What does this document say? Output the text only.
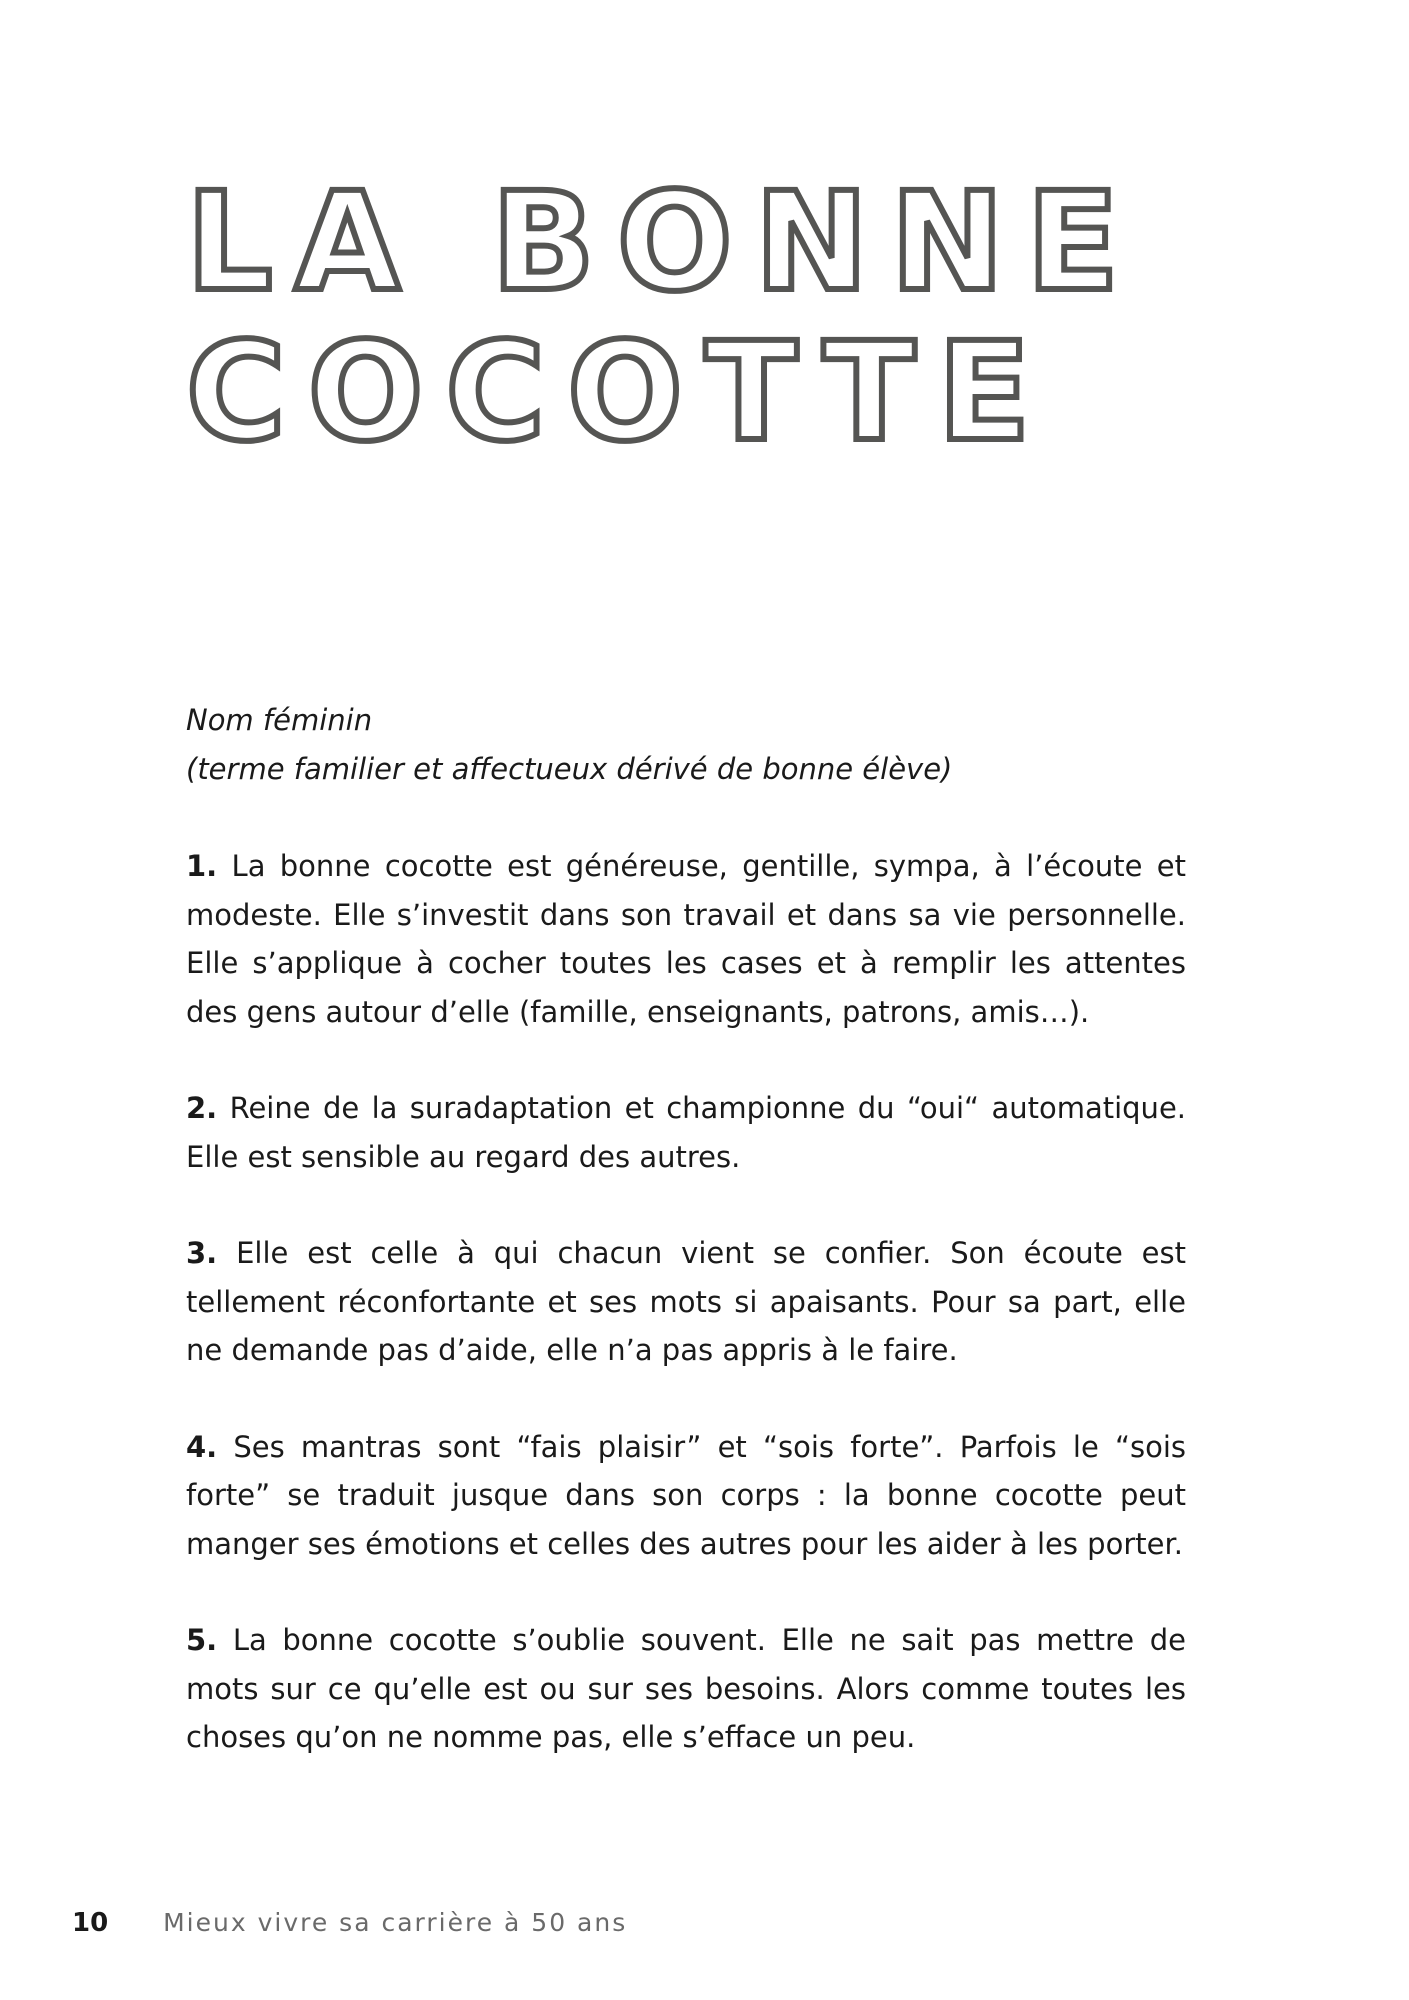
LA BONNE
COCOTTE

Nom féminin
(terme familier et affectueux dérivé de bonne élève)

1. La bonne cocotte est généreuse, gentille, sympa, à l’écoute et modeste. Elle s’investit dans son travail et dans sa vie personnelle. Elle s’applique à cocher toutes les cases et à remplir les attentes des gens autour d’elle (famille, enseignants, patrons, amis…).

2. Reine de la suradaptation et championne du “oui“ automatique. Elle est sensible au regard des autres.

3. Elle est celle à qui chacun vient se confier. Son écoute est tellement réconfortante et ses mots si apaisants. Pour sa part, elle ne demande pas d’aide, elle n’a pas appris à le faire.

4. Ses mantras sont “fais plaisir” et “sois forte”. Parfois le “sois forte” se traduit jusque dans son corps : la bonne cocotte peut manger ses émotions et celles des autres pour les aider à les porter.

5. La bonne cocotte s’oublie souvent. Elle ne sait pas mettre de mots sur ce qu’elle est ou sur ses besoins. Alors comme toutes les choses qu’on ne nomme pas, elle s’efface un peu.

10 Mieux vivre sa carrière à 50 ans
